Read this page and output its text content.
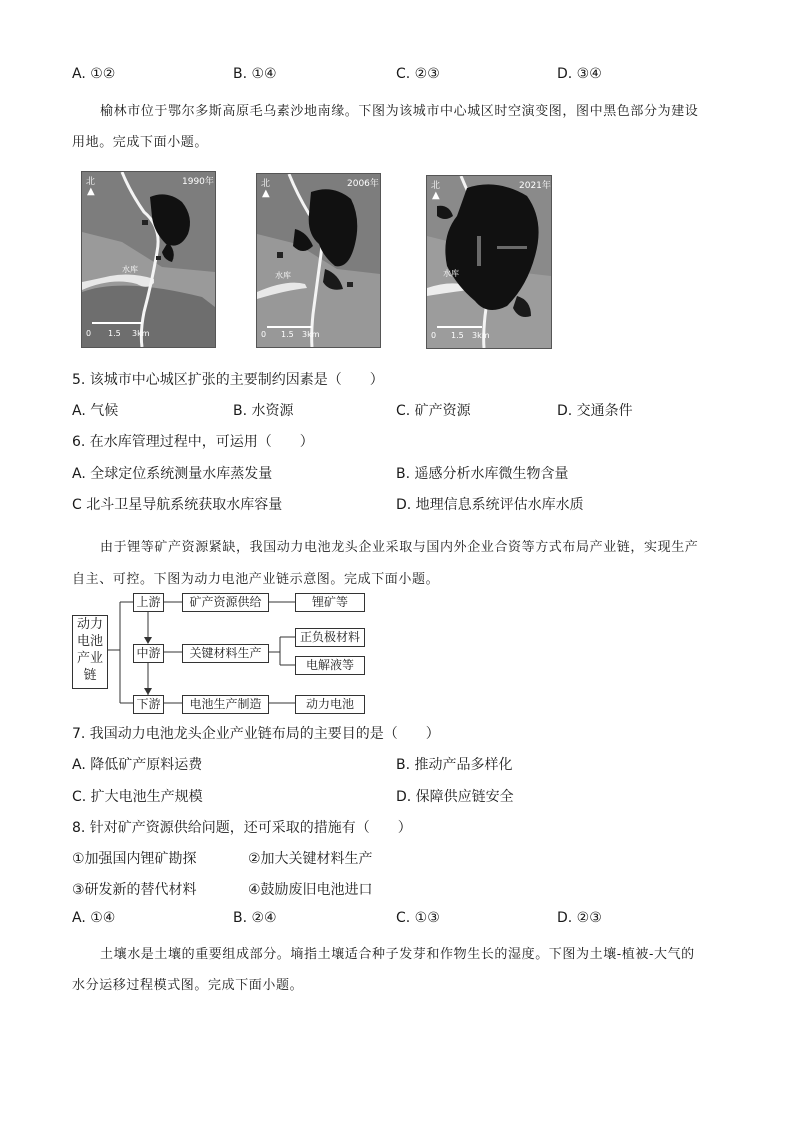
A. ①②	B. ①④	C. ②③	D. ③④
榆林市位于鄂尔多斯高原毛乌素沙地南缘。下图为该城市中心城区时空演变图，图中黑色部分为建设
用地。完成下面小题。
北
▲
1990年
水库
0 1.5 3km
北
▲
2006年
水库
0 1.5 3km
北
▲
2021年
水库
0 1.5 3km
5. 该城市中心城区扩张的主要制约因素是（　　）
A. 气候	B. 水资源	C. 矿产资源	D. 交通条件
6. 在水库管理过程中，可运用（　　）
A. 全球定位系统测量水库蒸发量	B. 遥感分析水库微生物含量
C 北斗卫星导航系统获取水库容量	D. 地理信息系统评估水库水质
由于锂等矿产资源紧缺，我国动力电池龙头企业采取与国内外企业合资等方式布局产业链，实现生产
自主、可控。下图为动力电池产业链示意图。完成下面小题。
动力
电池
产业
链
上游
中游
下游
矿产资源供给
关键材料生产
电池生产制造
锂矿等
正负极材料
电解液等
动力电池
7. 我国动力电池龙头企业产业链布局的主要目的是（　　）
A. 降低矿产原料运费	B. 推动产品多样化
C. 扩大电池生产规模	D. 保障供应链安全
8. 针对矿产资源供给问题，还可采取的措施有（　　）
①加强国内锂矿勘探	②加大关键材料生产
③研发新的替代材料	④鼓励废旧电池进口
A. ①④	B. ②④	C. ①③	D. ②③
土壤水是土壤的重要组成部分。墒指土壤适合种子发芽和作物生长的湿度。下图为土壤-植被-大气的
水分运移过程模式图。完成下面小题。
